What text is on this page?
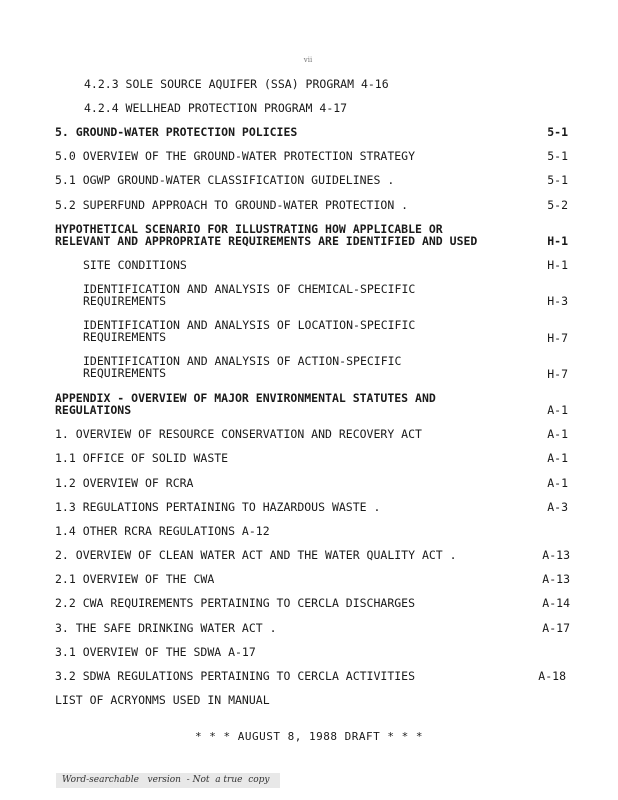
vii
4.2.3 SOLE SOURCE AQUIFER (SSA) PROGRAM 4-16
4.2.4 WELLHEAD PROTECTION PROGRAM 4-17
5. GROUND-WATER PROTECTION POLICIES	5-1
5.0 OVERVIEW OF THE GROUND-WATER PROTECTION STRATEGY	5-1
5.1 OGWP GROUND-WATER CLASSIFICATION GUIDELINES .	5-1
5.2 SUPERFUND APPROACH TO GROUND-WATER PROTECTION .	5-2
HYPOTHETICAL SCENARIO FOR ILLUSTRATING HOW APPLICABLE OR
RELEVANT AND APPROPRIATE REQUIREMENTS ARE IDENTIFIED AND USED	H-1
SITE CONDITIONS	H-1
IDENTIFICATION AND ANALYSIS OF CHEMICAL-SPECIFIC
REQUIREMENTS	H-3
IDENTIFICATION AND ANALYSIS OF LOCATION-SPECIFIC
REQUIREMENTS	H-7
IDENTIFICATION AND ANALYSIS OF ACTION-SPECIFIC
REQUIREMENTS	H-7
APPENDIX - OVERVIEW OF MAJOR ENVIRONMENTAL STATUTES AND
REGULATIONS	A-1
1. OVERVIEW OF RESOURCE CONSERVATION AND RECOVERY ACT	A-1
1.1 OFFICE OF SOLID WASTE	A-1
1.2 OVERVIEW OF RCRA	A-1
1.3 REGULATIONS PERTAINING TO HAZARDOUS WASTE .	A-3
1.4 OTHER RCRA REGULATIONS A-12
2. OVERVIEW OF CLEAN WATER ACT AND THE WATER QUALITY ACT .	A-13
2.1 OVERVIEW OF THE CWA	A-13
2.2 CWA REQUIREMENTS PERTAINING TO CERCLA DISCHARGES	A-14
3. THE SAFE DRINKING WATER ACT .	A-17
3.1 OVERVIEW OF THE SDWA A-17
3.2 SDWA REGULATIONS PERTAINING TO CERCLA ACTIVITIES	A-18
LIST OF ACRYONMS USED IN MANUAL
* * * AUGUST 8, 1988 DRAFT * * *
Word-searchable   version  - Not  a true  copy
